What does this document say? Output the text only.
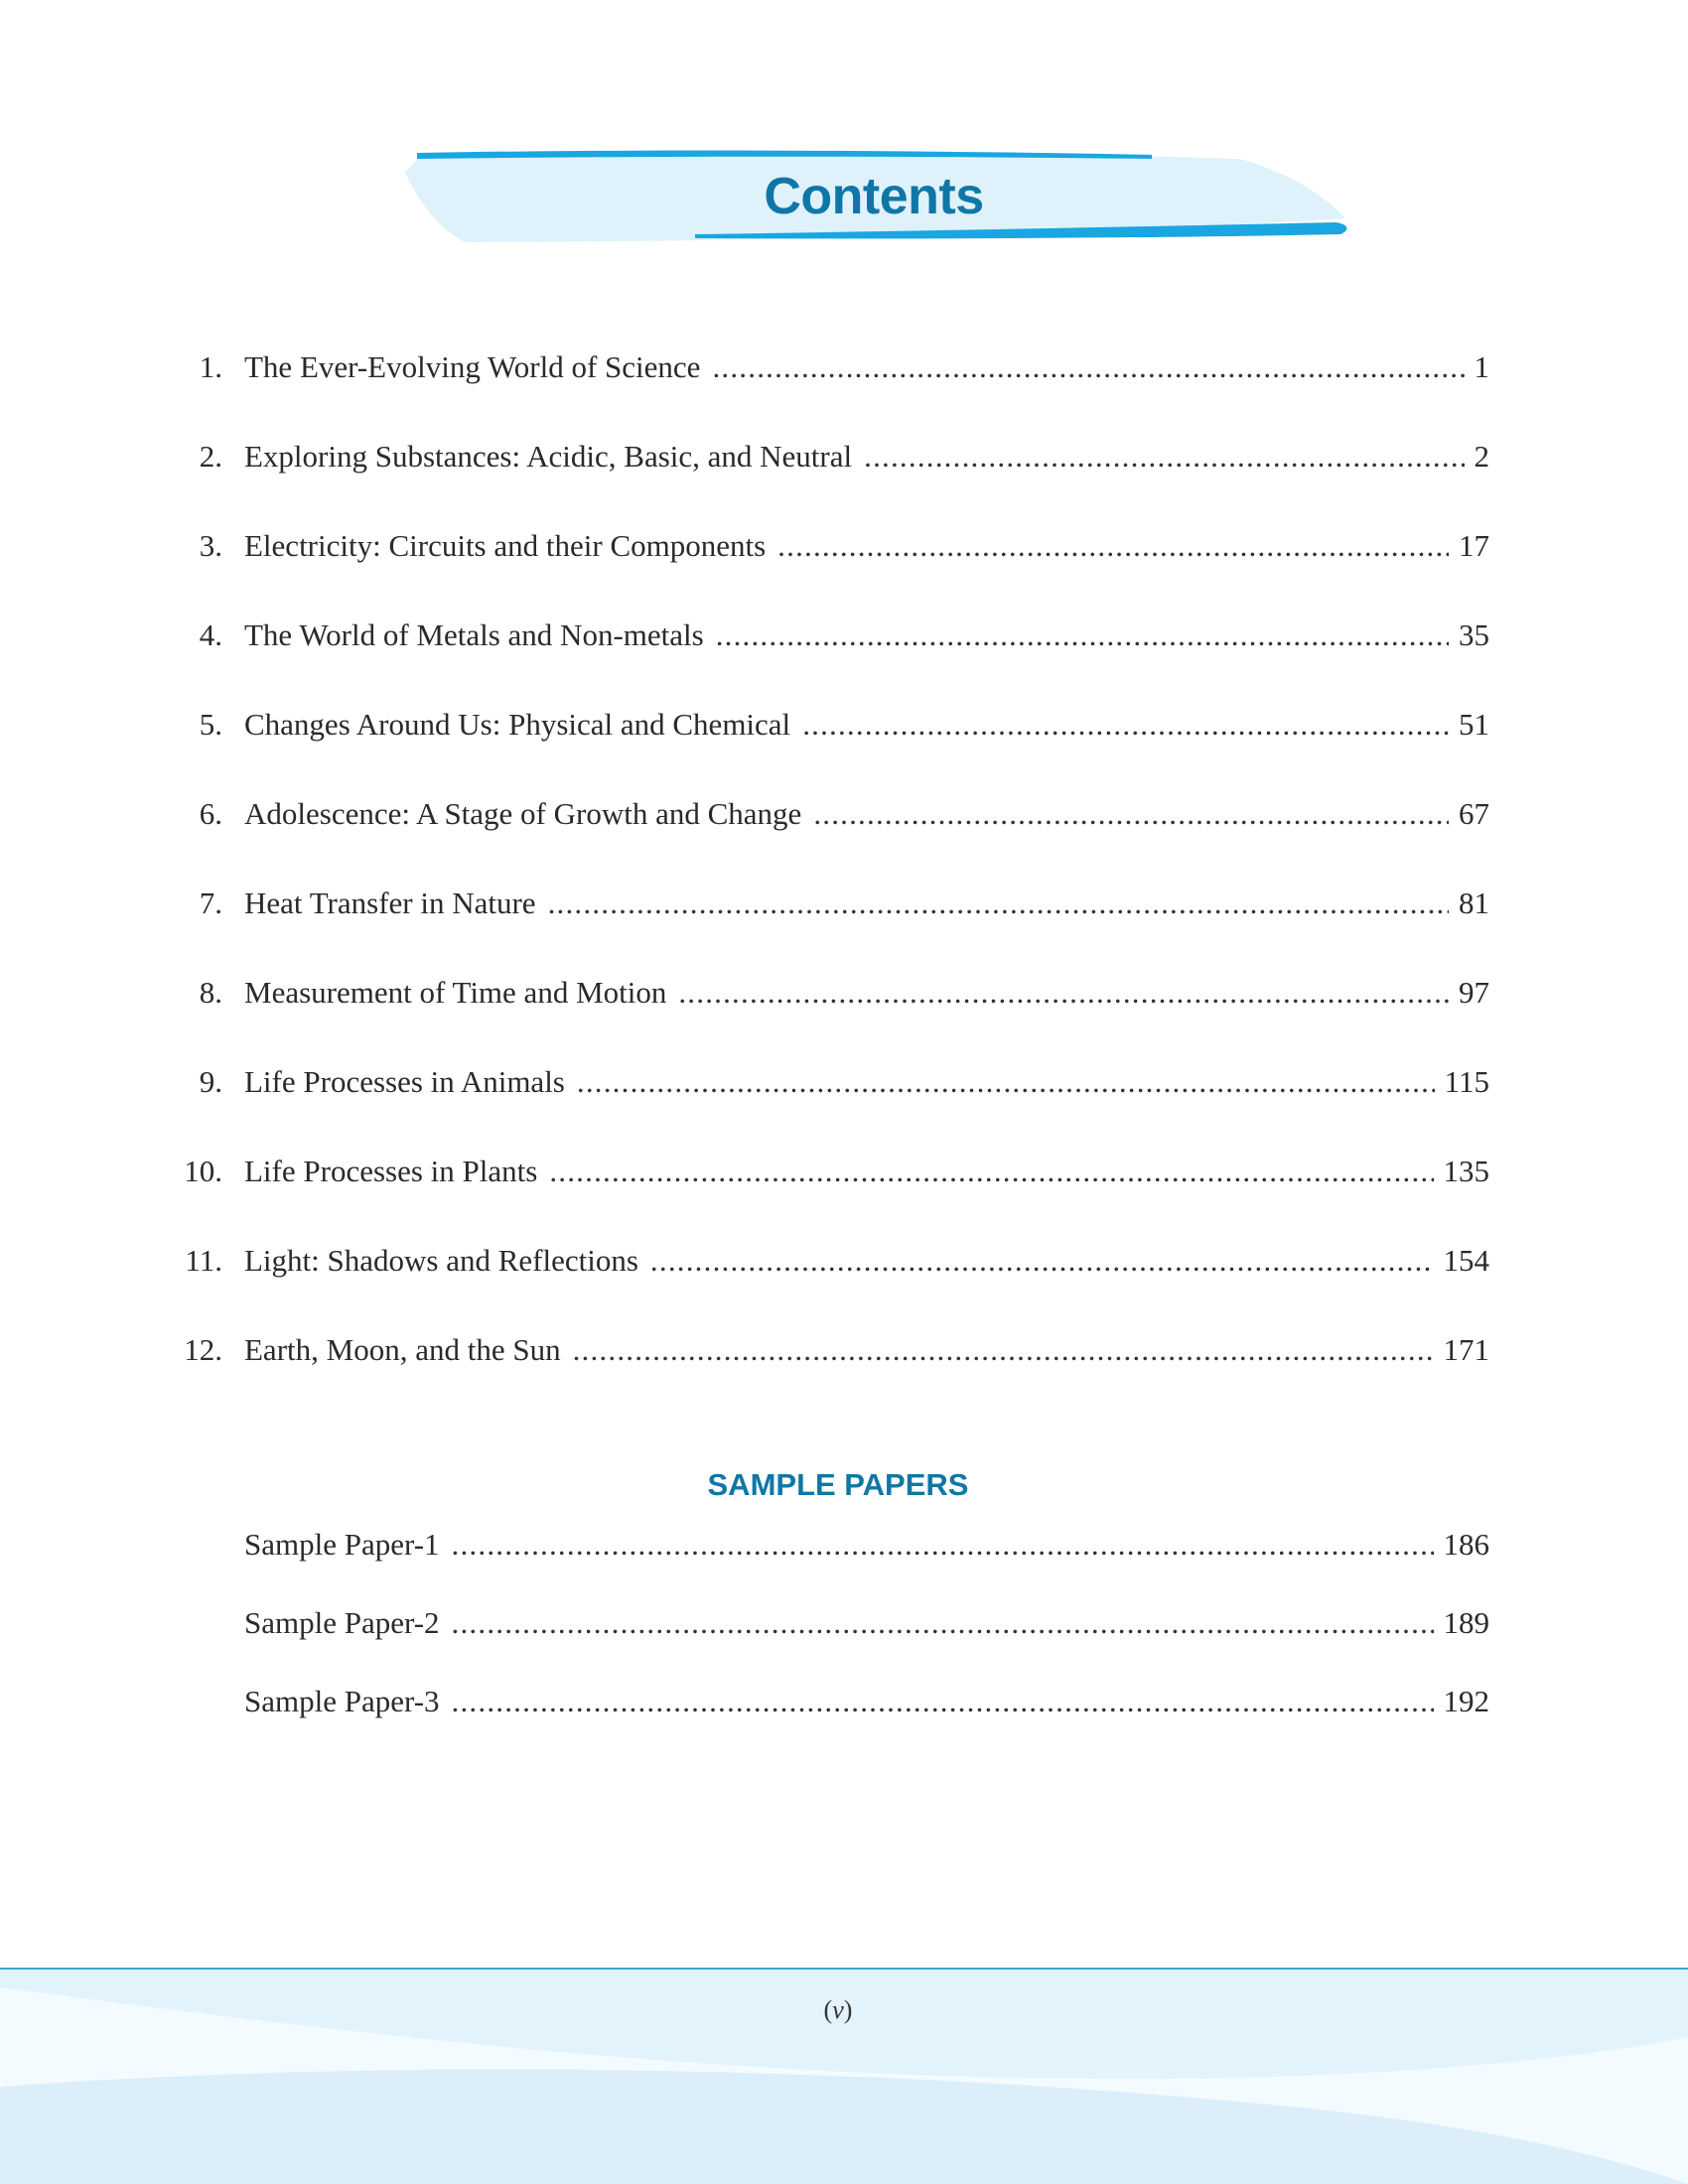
Contents
1. The Ever-Evolving World of Science .....	1
2. Exploring Substances: Acidic, Basic, and Neutral .....	2
3. Electricity: Circuits and their Components .....	17
4. The World of Metals and Non-metals .....	35
5. Changes Around Us: Physical and Chemical .....	51
6. Adolescence: A Stage of Growth and Change .....	67
7. Heat Transfer in Nature .....	81
8. Measurement of Time and Motion .....	97
9. Life Processes in Animals .....	115
10. Life Processes in Plants .....	135
11. Light: Shadows and Reflections .....	154
12. Earth, Moon, and the Sun .....	171
SAMPLE PAPERS
Sample Paper-1 .....	186
Sample Paper-2 .....	189
Sample Paper-3 .....	192
(v)
